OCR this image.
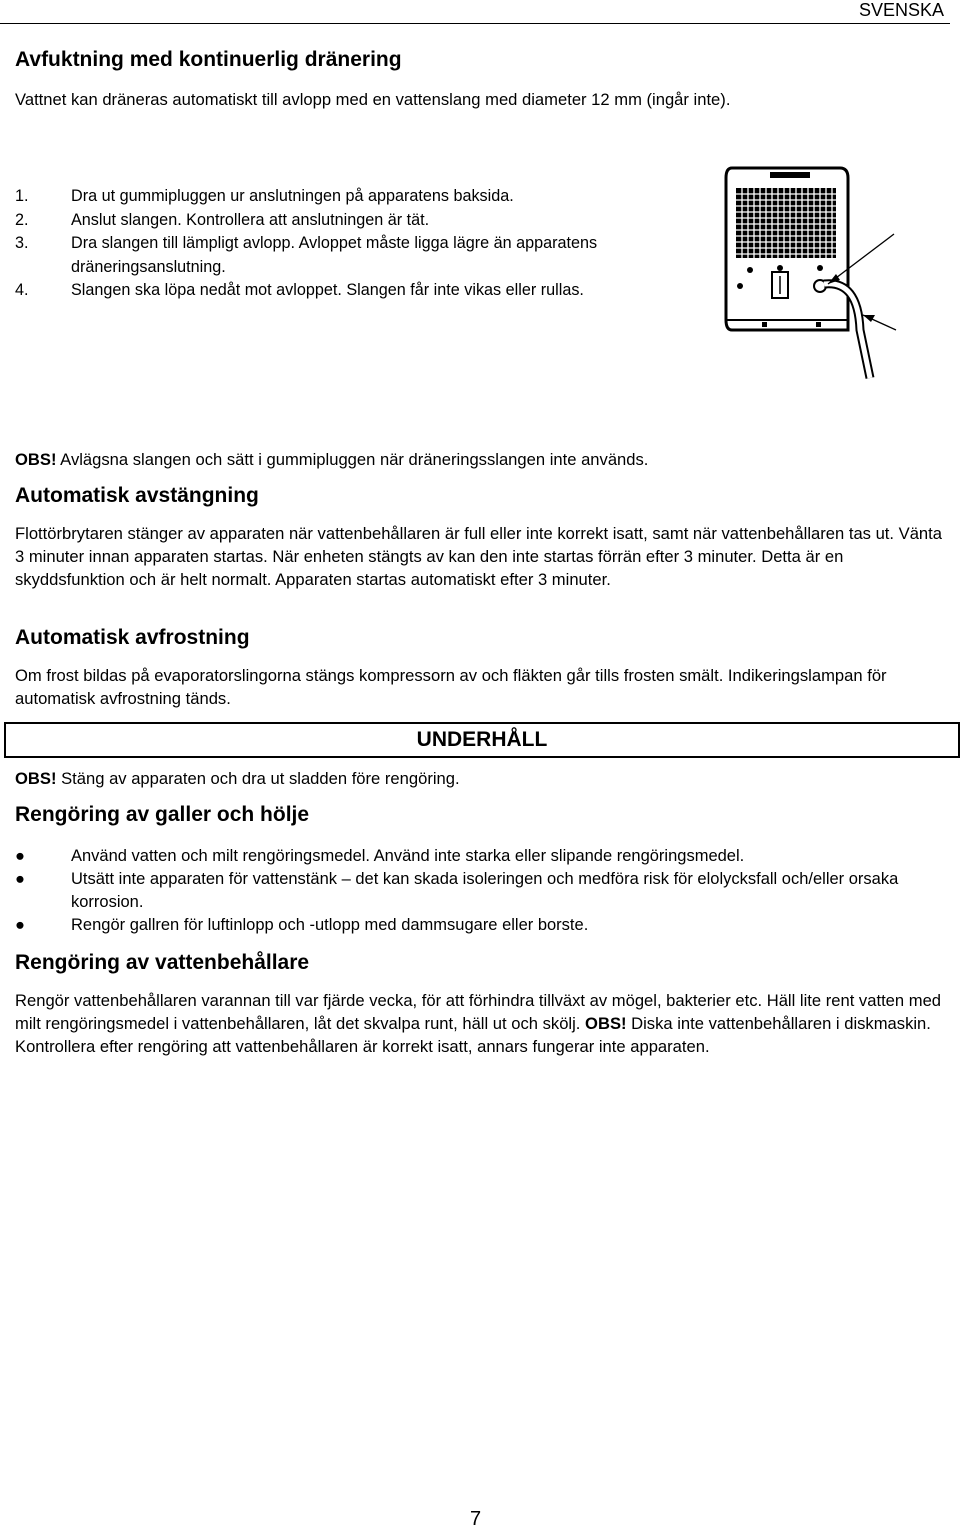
SVENSKA
Avfuktning med kontinuerlig dränering

Vattnet kan dräneras automatiskt till avlopp med en vattenslang med diameter 12 mm (ingår inte).

1.	Dra ut gummipluggen ur anslutningen på apparatens baksida.
2.	Anslut slangen. Kontrollera att anslutningen är tät.
3.	Dra slangen till lämpligt avlopp. Avloppet måste ligga lägre än apparatens dräneringsanslutning.
4.	Slangen ska löpa nedåt mot avloppet. Slangen får inte vikas eller rullas.

OBS! Avlägsna slangen och sätt i gummipluggen när dräneringsslangen inte används.

Automatisk avstängning

Flottörbrytaren stänger av apparaten när vattenbehållaren är full eller inte korrekt isatt, samt när vattenbehållaren tas ut. Vänta 3 minuter innan apparaten startas. När enheten stängts av kan den inte startas förrän efter 3 minuter. Detta är en skyddsfunktion och är helt normalt. Apparaten startas automatiskt efter 3 minuter.

Automatisk avfrostning

Om frost bildas på evaporatorslingorna stängs kompressorn av och fläkten går tills frosten smält. Indikeringslampan för automatisk avfrostning tänds.

UNDERHÅLL

OBS! Stäng av apparaten och dra ut sladden före rengöring.

Rengöring av galler och hölje
●	Använd vatten och milt rengöringsmedel. Använd inte starka eller slipande rengöringsmedel.
●	Utsätt inte apparaten för vattenstänk – det kan skada isoleringen och medföra risk för elolycksfall och/eller orsaka korrosion.
●	Rengör gallren för luftinlopp och -utlopp med dammsugare eller borste.
Rengöring av vattenbehållare

Rengör vattenbehållaren varannan till var fjärde vecka, för att förhindra tillväxt av mögel, bakterier etc. Häll lite rent vatten med milt rengöringsmedel i vattenbehållaren, låt det skvalpa runt, häll ut och skölj. OBS! Diska inte vattenbehållaren i diskmaskin. Kontrollera efter rengöring att vattenbehållaren är korrekt isatt, annars fungerar inte apparaten.

7
